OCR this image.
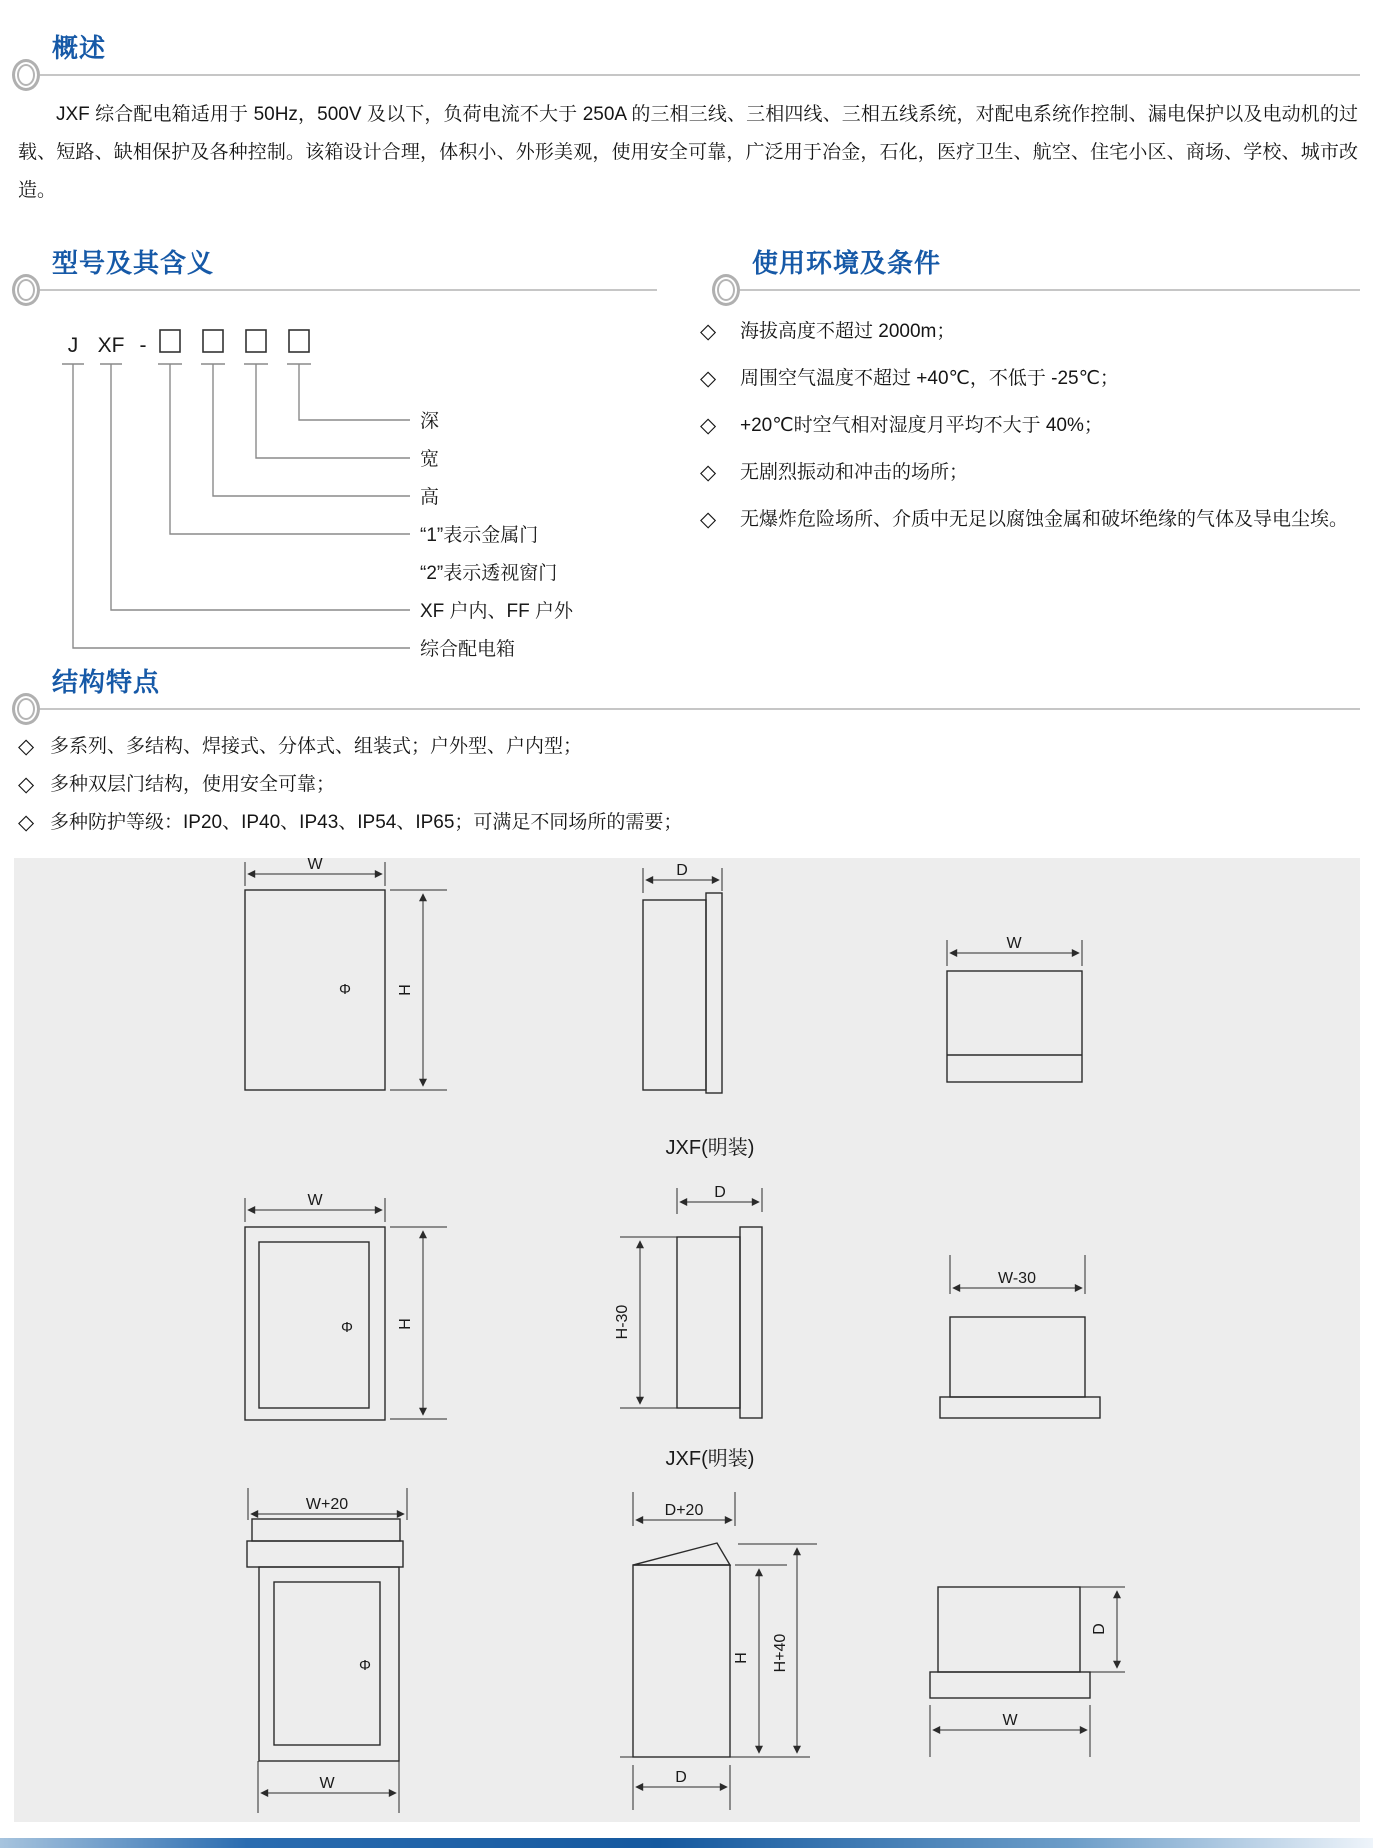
概述
JXF 综合配电箱适用于 50Hz，500V 及以下，负荷电流不大于 250A 的三相三线、三相四线、三相五线系统，对配电系统作控制、漏电保护以及电动机的过载、短路、缺相保护及各种控制。该箱设计合理，体积小、外形美观，使用安全可靠，广泛用于冶金，石化，医疗卫生、航空、住宅小区、商场、学校、城市改造。
型号及其含义
J XF -
深
宽
高
“1”表示金属门
“2”表示透视窗门
XF 户内、FF 户外
综合配电箱
使用环境及条件
◇ 海拔高度不超过 2000m；
◇ 周围空气温度不超过 +40℃，不低于 -25℃；
◇ +20℃时空气相对湿度月平均不大于 40%；
◇ 无剧烈振动和冲击的场所；
◇ 无爆炸危险场所、介质中无足以腐蚀金属和破坏绝缘的气体及导电尘埃。
结构特点
◇ 多系列、多结构、焊接式、分体式、组装式；户外型、户内型；
◇ 多种双层门结构，使用安全可靠；
◇ 多种防护等级：IP20、IP40、IP43、IP54、IP65；可满足不同场所的需要；
W
Φ	H
D
W
JXF(明装)
W
Φ	H
D
H-30
W-30
JXF(明装)
W+20
Φ
W
D+20
H H+40
D
D
W
